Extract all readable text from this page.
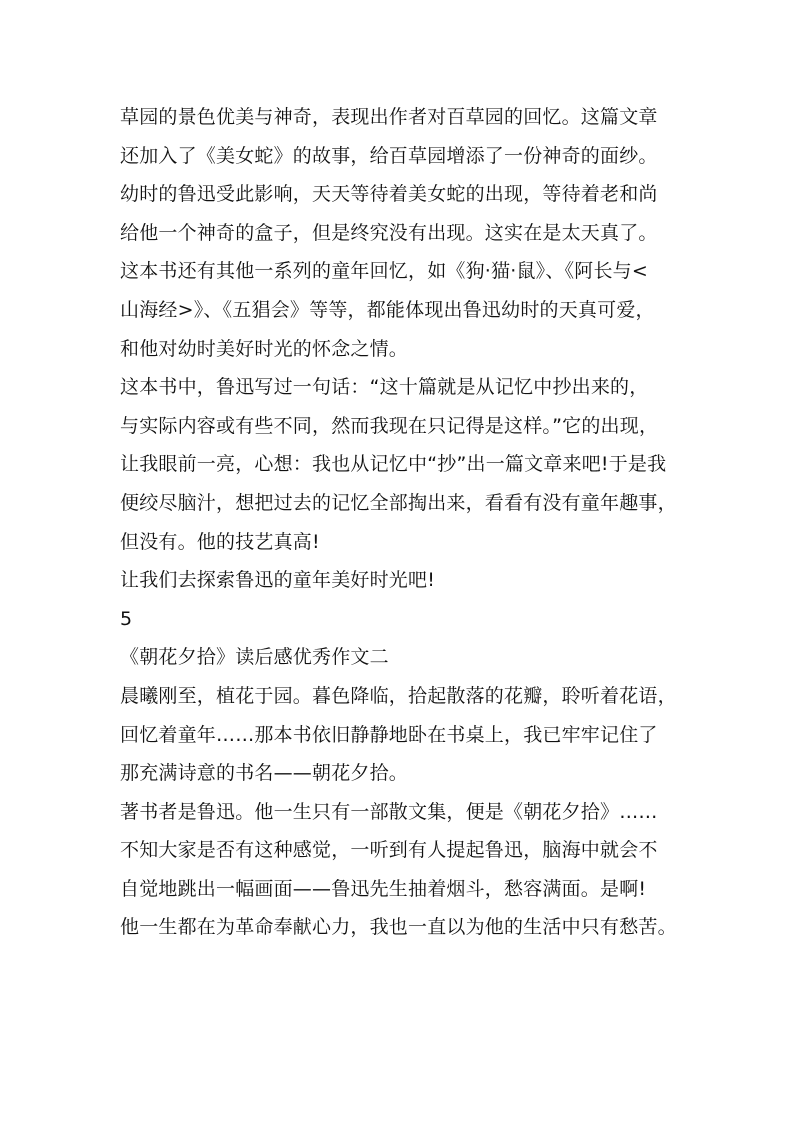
草园的景色优美与神奇，表现出作者对百草园的回忆。这篇文章
还加入了《美女蛇》的故事，给百草园增添了一份神奇的面纱。
幼时的鲁迅受此影响，天天等待着美女蛇的出现，等待着老和尚
给他一个神奇的盒子，但是终究没有出现。这实在是太天真了。
这本书还有其他一系列的童年回忆，如《狗·猫·鼠》、《阿长与<
山海经>》、《五猖会》等等，都能体现出鲁迅幼时的天真可爱，
和他对幼时美好时光的怀念之情。
这本书中，鲁迅写过一句话：“这十篇就是从记忆中抄出来的，
与实际内容或有些不同，然而我现在只记得是这样。”它的出现，
让我眼前一亮，心想：我也从记忆中“抄”出一篇文章来吧!于是我
便绞尽脑汁，想把过去的记忆全部掏出来，看看有没有童年趣事，
但没有。他的技艺真高!
让我们去探索鲁迅的童年美好时光吧!
5
《朝花夕拾》读后感优秀作文二
晨曦刚至，植花于园。暮色降临，拾起散落的花瓣，聆听着花语，
回忆着童年……那本书依旧静静地卧在书桌上，我已牢牢记住了
那充满诗意的书名——朝花夕拾。
著书者是鲁迅。他一生只有一部散文集，便是《朝花夕拾》……
不知大家是否有这种感觉，一听到有人提起鲁迅，脑海中就会不
自觉地跳出一幅画面——鲁迅先生抽着烟斗，愁容满面。是啊!
他一生都在为革命奉献心力，我也一直以为他的生活中只有愁苦。
